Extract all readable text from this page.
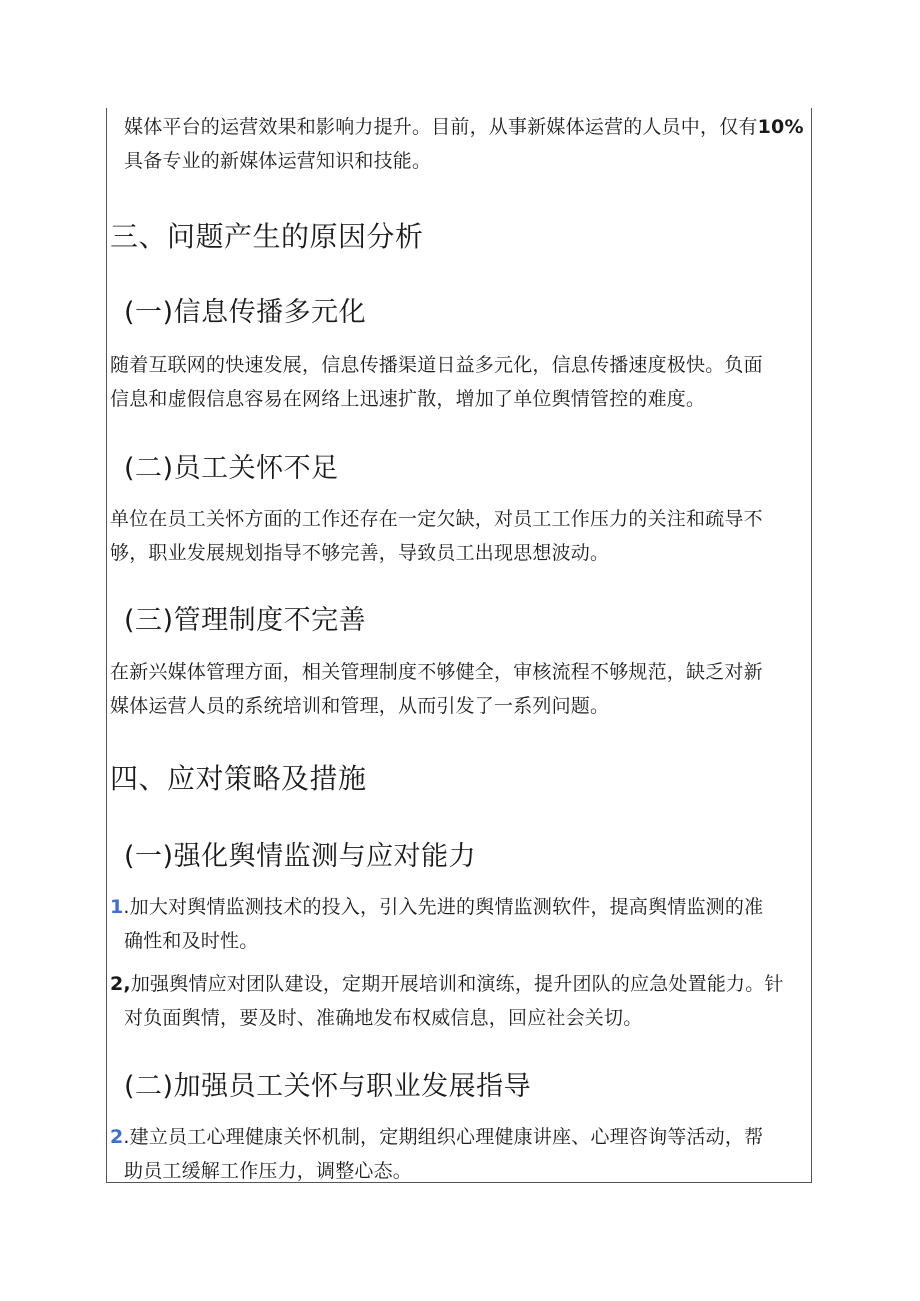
媒体平台的运营效果和影响力提升。目前，从事新媒体运营的人员中，仅有10%
具备专业的新媒体运营知识和技能。
三、问题产生的原因分析
(一)信息传播多元化
随着互联网的快速发展，信息传播渠道日益多元化，信息传播速度极快。负面
信息和虚假信息容易在网络上迅速扩散，增加了单位舆情管控的难度。
(二)员工关怀不足
单位在员工关怀方面的工作还存在一定欠缺，对员工工作压力的关注和疏导不
够，职业发展规划指导不够完善，导致员工出现思想波动。
(三)管理制度不完善
在新兴媒体管理方面，相关管理制度不够健全，审核流程不够规范，缺乏对新
媒体运营人员的系统培训和管理，从而引发了一系列问题。
四、应对策略及措施
(一)强化舆情监测与应对能力
1.加大对舆情监测技术的投入，引入先进的舆情监测软件，提高舆情监测的准
确性和及时性。
2,加强舆情应对团队建设，定期开展培训和演练，提升团队的应急处置能力。针
对负面舆情，要及时、准确地发布权威信息，回应社会关切。
(二)加强员工关怀与职业发展指导
2.建立员工心理健康关怀机制，定期组织心理健康讲座、心理咨询等活动，帮
助员工缓解工作压力，调整心态。
